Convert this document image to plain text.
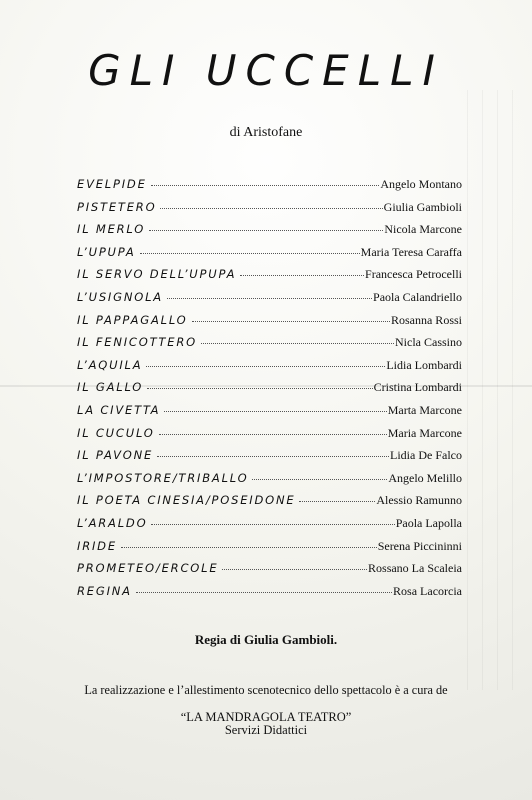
GLI UCCELLI
di Aristofane
EVELPIDE	Angelo Montano
PISTETERO	Giulia Gambioli
IL MERLO	Nicola Marcone
L’UPUPA	Maria Teresa Caraffa
IL SERVO DELL’UPUPA	Francesca Petrocelli
L’USIGNOLA	Paola Calandriello
IL PAPPAGALLO	Rosanna Rossi
IL FENICOTTERO	Nicla Cassino
L’AQUILA	Lidia Lombardi
IL GALLO	Cristina Lombardi
LA CIVETTA	Marta Marcone
IL CUCULO	Maria Marcone
IL PAVONE	Lidia De Falco
L’IMPOSTORE/TRIBALLO	Angelo Melillo
IL POETA CINESIA/POSEIDONE	Alessio Ramunno
L’ARALDO	Paola Lapolla
IRIDE	Serena Piccininni
PROMETEO/ERCOLE	Rossano La Scaleia
REGINA	Rosa Lacorcia
Regia di Giulia Gambioli.
La realizzazione e l’allestimento scenotecnico dello spettacolo è a cura de
“LA MANDRAGOLA TEATRO”
Servizi Didattici
